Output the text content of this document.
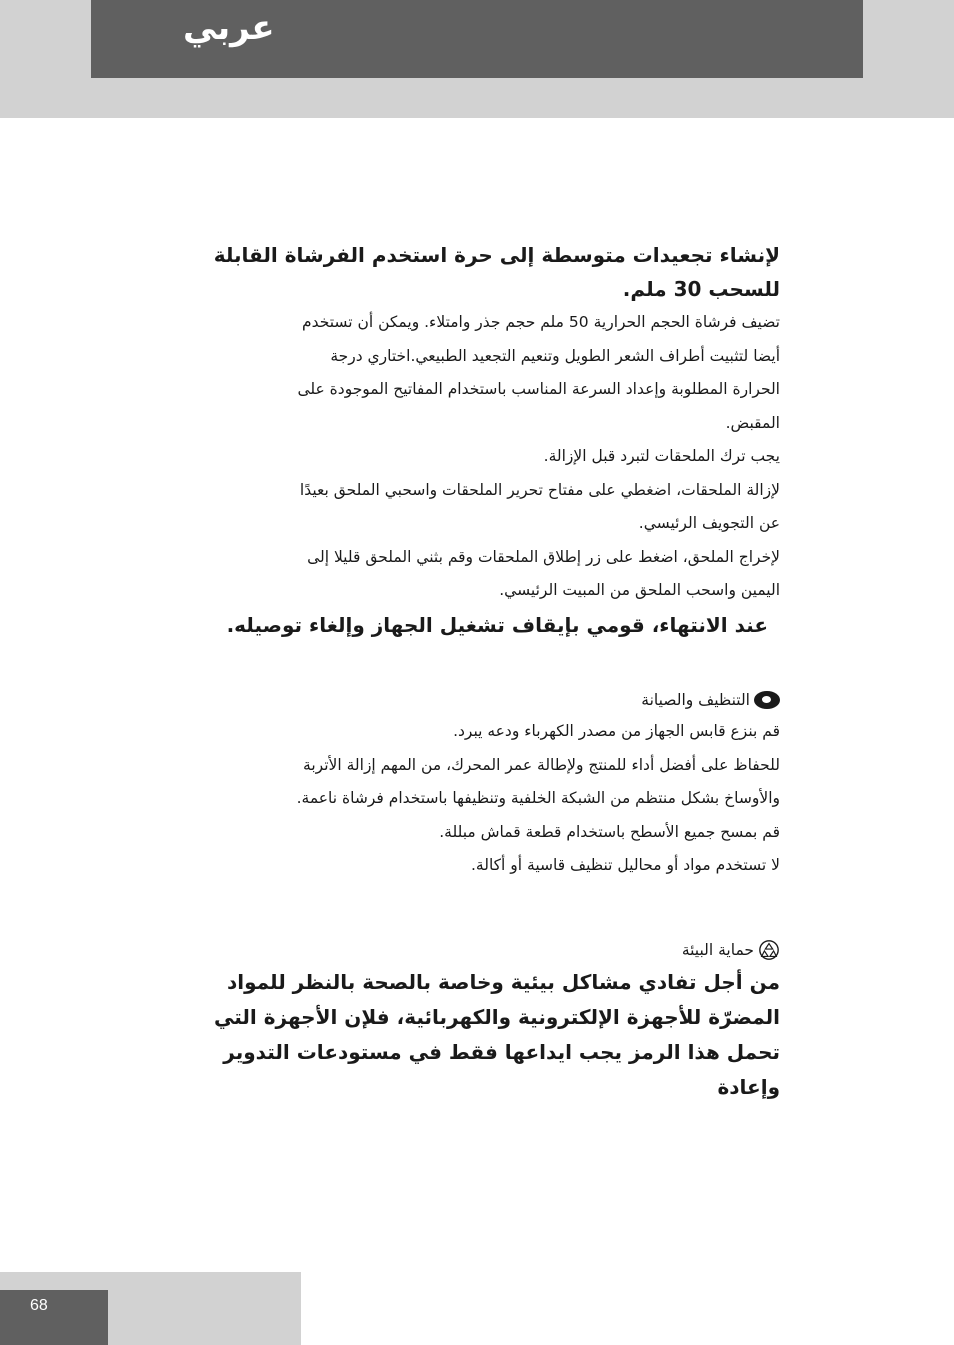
عربي
لإنشاء تجعيدات متوسطة إلى حرة استخدم الفرشاة القابلة للسحب 30 ملم.
تضيف فرشاة الحجم الحرارية 50 ملم حجم جذر وامتلاء. ويمكن أن تستخدم
أيضا لتثبيت أطراف الشعر الطويل وتنعيم التجعيد الطبيعي.اختاري درجة
الحرارة المطلوبة وإعداد السرعة المناسب باستخدام المفاتيح الموجودة على
المقبض.
يجب ترك الملحقات لتبرد قبل الإزالة.
لإزالة الملحقات، اضغطي على مفتاح تحرير الملحقات واسحبي الملحق بعيدًا
عن التجويف الرئيسي.
لإخراج الملحق، اضغط على زر إطلاق الملحقات وقم بثني الملحق قليلا إلى
اليمين واسحب الملحق من المبيت الرئيسي.
عند الانتهاء، قومي بإيقاف تشغيل الجهاز وإلغاء توصيله.
التنظيف والصيانة
قم بنزع قابس الجهاز من مصدر الكهرباء ودعه يبرد.
للحفاظ على أفضل أداء للمنتج ولإطالة عمر المحرك، من المهم إزالة الأتربة
والأوساخ بشكل منتظم من الشبكة الخلفية وتنظيفها باستخدام فرشاة ناعمة.
قم بمسح جميع الأسطح باستخدام قطعة قماش مبللة.
لا تستخدم مواد أو محاليل تنظيف قاسية أو أكالة.
حماية البيئة
من أجل تفادي مشاكل بيئية وخاصة بالصحة بالنظر للمواد
المضرّة للأجهزة الإلكترونية والكهربائية، فلإن الأجهزة التي
تحمل هذا الرمز يجب ايداعها فقط في مستودعات التدوير وإعادة
68
